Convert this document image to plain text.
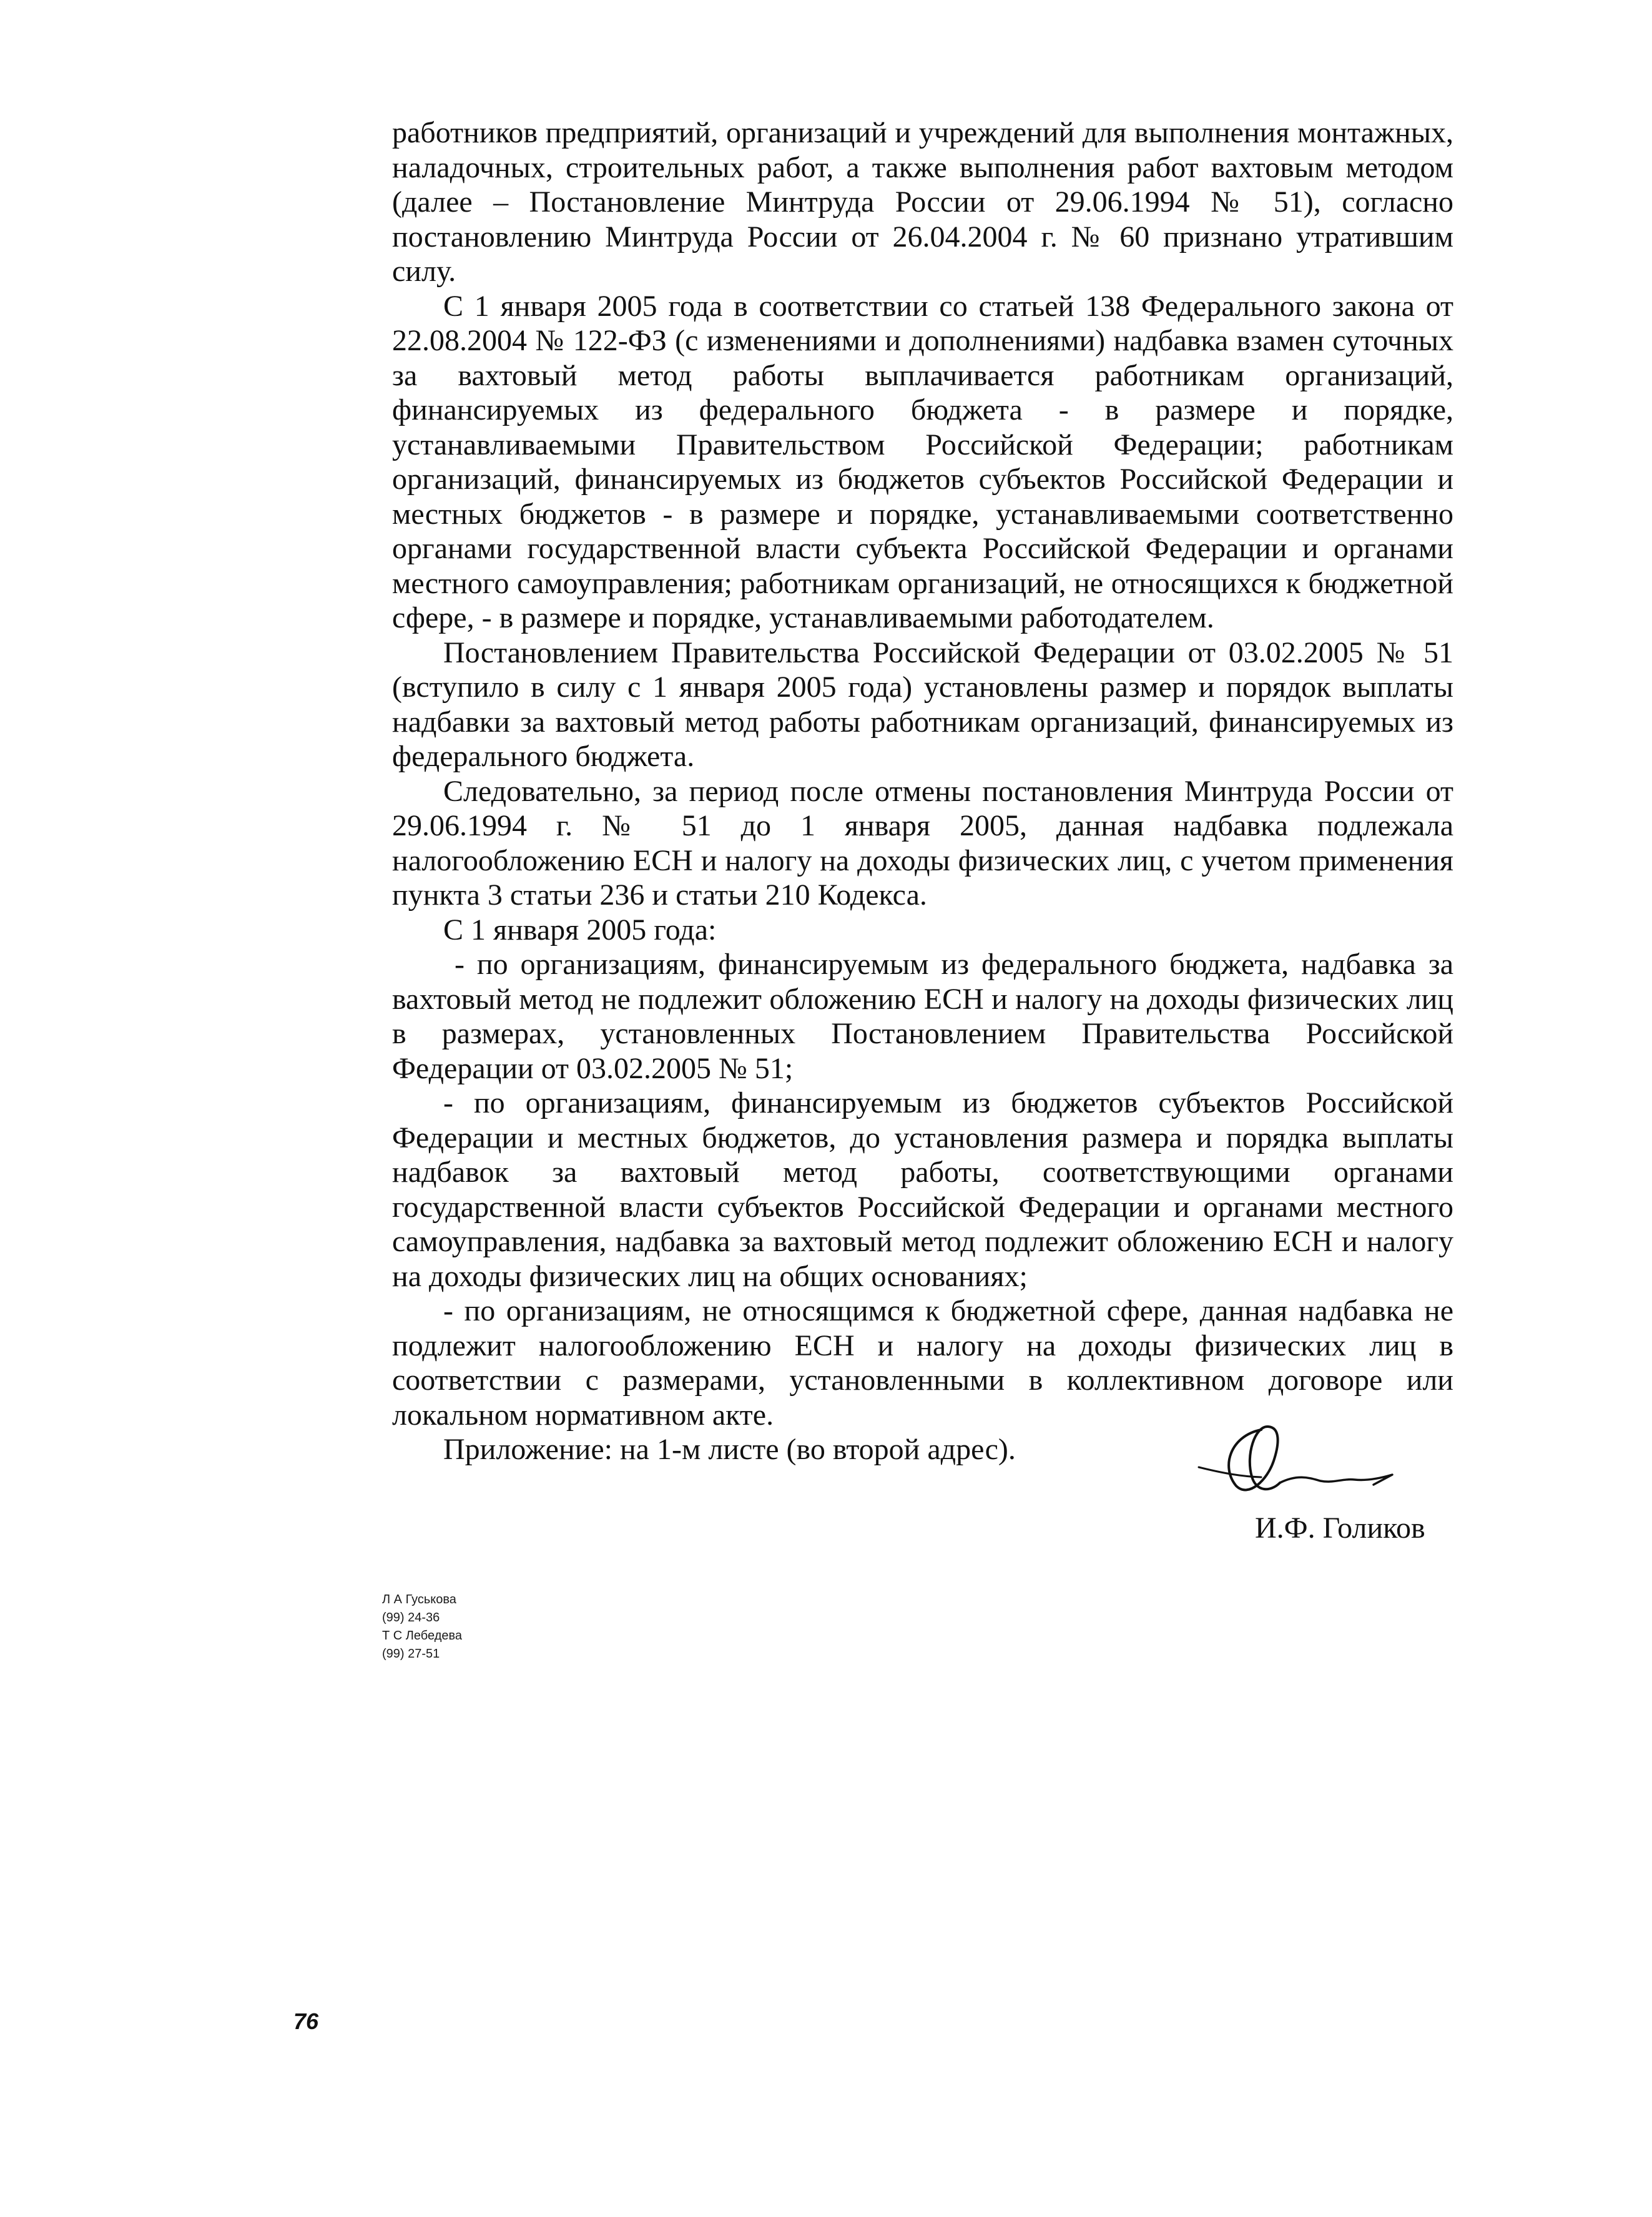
работников предприятий, организаций и учреждений для выполнения монтажных, наладочных, строительных работ, а также выполнения работ вахтовым методом (далее – Постановление Минтруда России от 29.06.1994 № 51), согласно постановлению Минтруда России от 26.04.2004 г. № 60 признано утратившим силу.

С 1 января 2005 года в соответствии со статьей 138 Федерального закона от 22.08.2004 № 122-ФЗ (с изменениями и дополнениями) надбавка взамен суточных за вахтовый метод работы выплачивается работникам организаций, финансируемых из федерального бюджета - в размере и порядке, устанавливаемыми Правительством Российской Федерации; работникам организаций, финансируемых из бюджетов субъектов Российской Федерации и местных бюджетов - в размере и порядке, устанавливаемыми соответственно органами государственной власти субъекта Российской Федерации и органами местного самоуправления; работникам организаций, не относящихся к бюджетной сфере, - в размере и порядке, устанавливаемыми работодателем.

Постановлением Правительства Российской Федерации от 03.02.2005 № 51 (вступило в силу с 1 января 2005 года) установлены размер и порядок выплаты надбавки за вахтовый метод работы работникам организаций, финансируемых из федерального бюджета.

Следовательно, за период после отмены постановления Минтруда России от 29.06.1994 г. № 51 до 1 января 2005, данная надбавка подлежала налогообложению ЕСН и налогу на доходы физических лиц, с учетом применения пункта 3 статьи 236 и статьи 210 Кодекса.

С 1 января 2005 года:

- по организациям, финансируемым из федерального бюджета, надбавка за вахтовый метод не подлежит обложению ЕСН и налогу на доходы физических лиц в размерах, установленных Постановлением Правительства Российской Федерации от 03.02.2005 № 51;

- по организациям, финансируемым из бюджетов субъектов Российской Федерации и местных бюджетов, до установления размера и порядка выплаты надбавок за вахтовый метод работы, соответствующими органами государственной власти субъектов Российской Федерации и органами местного самоуправления, надбавка за вахтовый метод подлежит обложению ЕСН и налогу на доходы физических лиц на общих основаниях;

- по организациям, не относящимся к бюджетной сфере, данная надбавка не подлежит налогообложению ЕСН и налогу на доходы физических лиц в соответствии с размерами, установленными в коллективном договоре или локальном нормативном акте.

Приложение: на 1-м листе (во второй адрес).

И.Ф. Голиков
Л А Гуськова
(99) 24-36
Т С Лебедева
(99) 27-51
76
